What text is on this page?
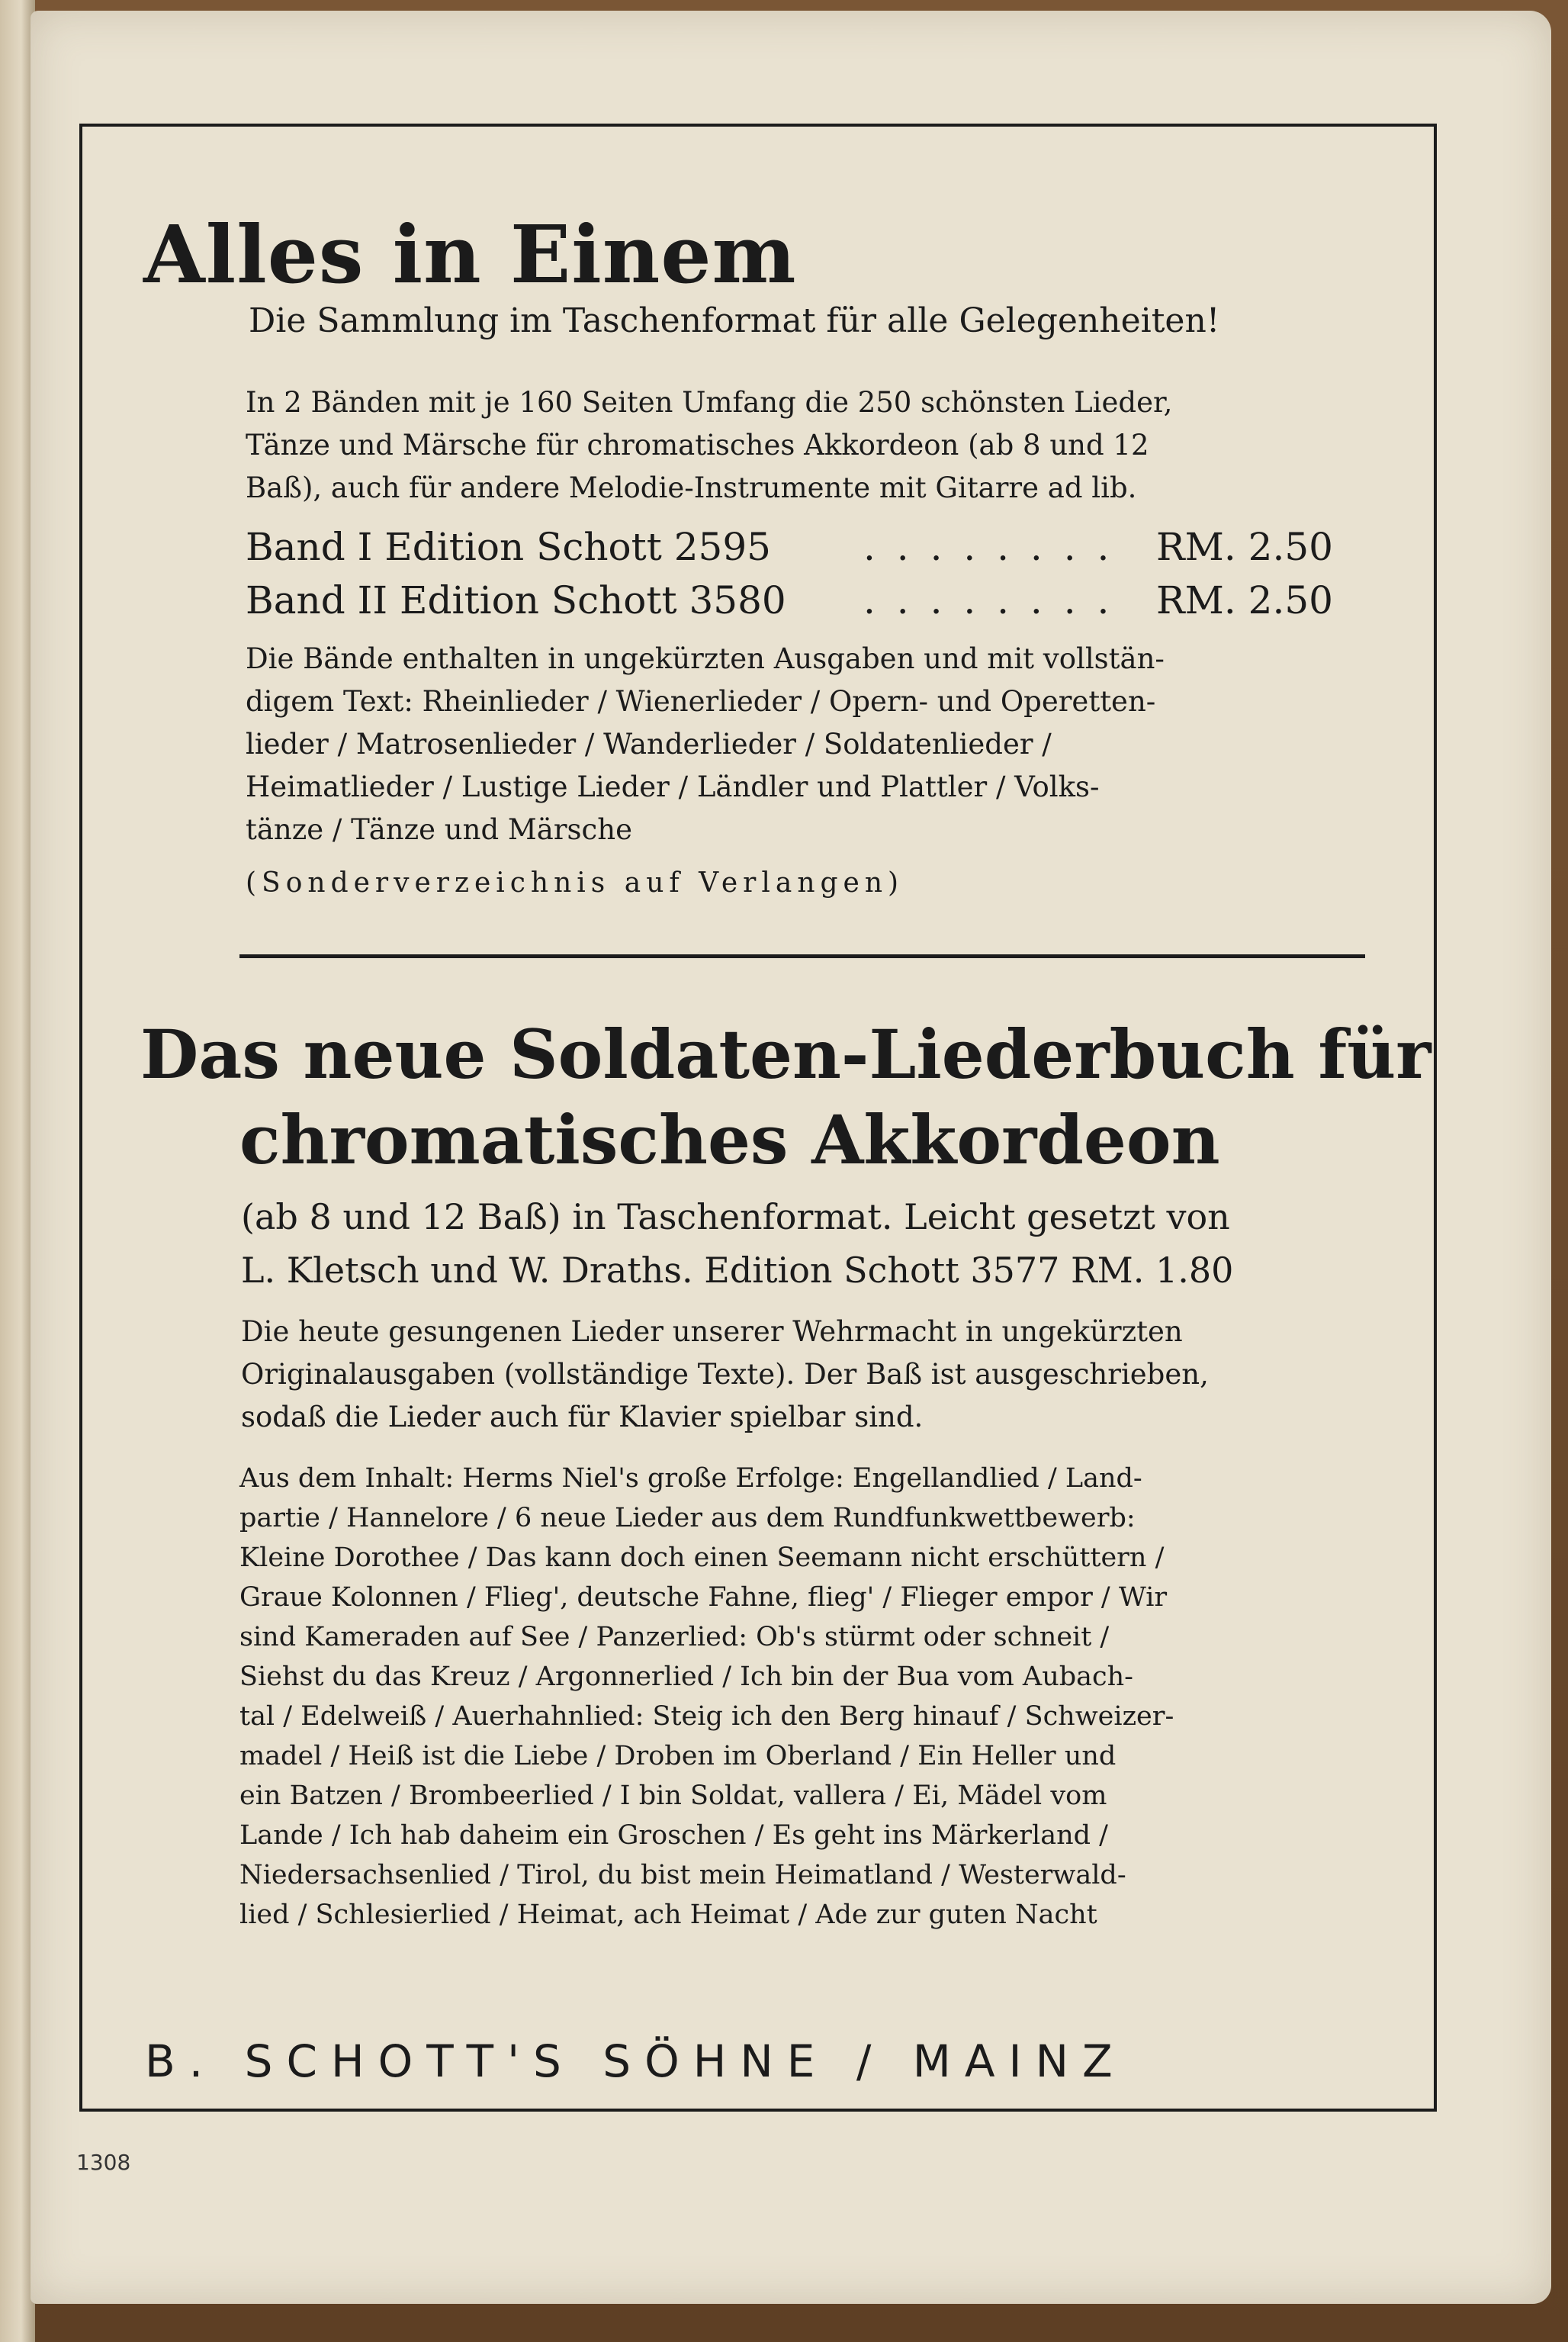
Alles in Einem
Die Sammlung im Taschenformat für alle Gelegenheiten!
In 2 Bänden mit je 160 Seiten Umfang die 250 schönsten Lieder,
Tänze und Märsche für chromatisches Akkordeon (ab 8 und 12
Baß), auch für andere Melodie-Instrumente mit Gitarre ad lib.
Band I Edition Schott 2595 . . . . . . . . RM. 2.50
Band II Edition Schott 3580 . . . . . . . . RM. 2.50
Die Bände enthalten in ungekürzten Ausgaben und mit vollstän-
digem Text: Rheinlieder / Wienerlieder / Opern- und Operetten-
lieder / Matrosenlieder / Wanderlieder / Soldatenlieder /
Heimatlieder / Lustige Lieder / Ländler und Plattler / Volks-
tänze / Tänze und Märsche
(Sonderverzeichnis auf Verlangen)
Das neue Soldaten-Liederbuch für
chromatisches Akkordeon
(ab 8 und 12 Baß) in Taschenformat. Leicht gesetzt von
L. Kletsch und W. Draths. Edition Schott 3577 RM. 1.80
Die heute gesungenen Lieder unserer Wehrmacht in ungekürzten
Originalausgaben (vollständige Texte). Der Baß ist ausgeschrieben,
sodaß die Lieder auch für Klavier spielbar sind.
Aus dem Inhalt: Herms Niel's große Erfolge: Engellandlied / Land-
partie / Hannelore / 6 neue Lieder aus dem Rundfunkwettbewerb:
Kleine Dorothee / Das kann doch einen Seemann nicht erschüttern /
Graue Kolonnen / Flieg', deutsche Fahne, flieg' / Flieger empor / Wir
sind Kameraden auf See / Panzerlied: Ob's stürmt oder schneit /
Siehst du das Kreuz / Argonnerlied / Ich bin der Bua vom Aubach-
tal / Edelweiß / Auerhahnlied: Steig ich den Berg hinauf / Schweizer-
madel / Heiß ist die Liebe / Droben im Oberland / Ein Heller und
ein Batzen / Brombeerlied / I bin Soldat, vallera / Ei, Mädel vom
Lande / Ich hab daheim ein Groschen / Es geht ins Märkerland /
Niedersachsenlied / Tirol, du bist mein Heimatland / Westerwald-
lied / Schlesierlied / Heimat, ach Heimat / Ade zur guten Nacht
B. SCHOTT'S SÖHNE / MAINZ
1308
